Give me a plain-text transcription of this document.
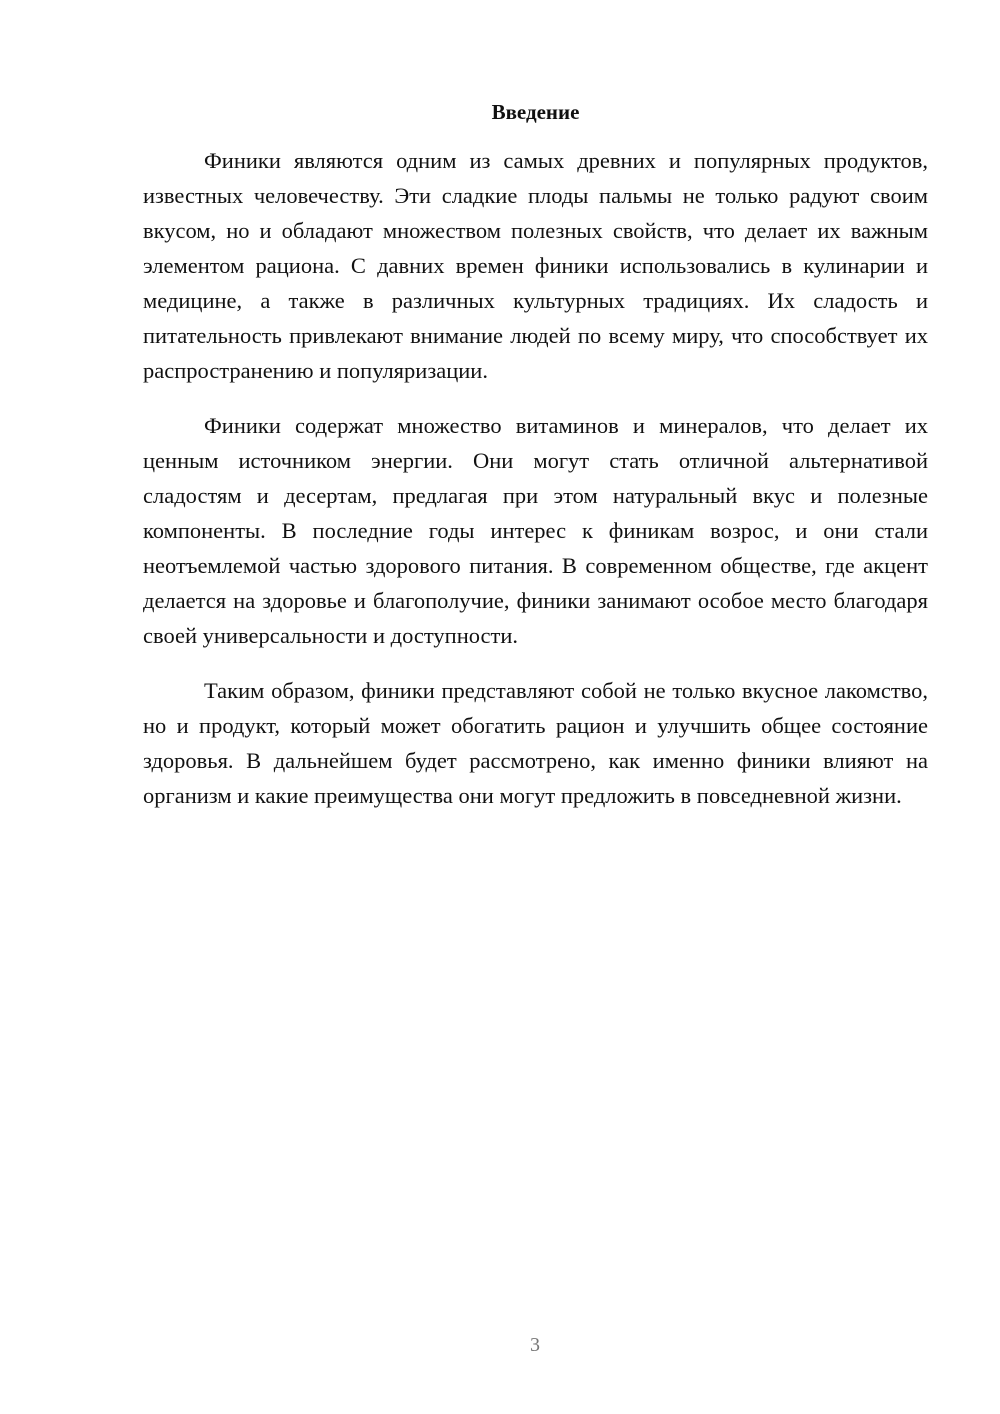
Введение

Финики являются одним из самых древних и популярных продуктов, известных человечеству. Эти сладкие плоды пальмы не только радуют своим вкусом, но и обладают множеством полезных свойств, что делает их важным элементом рациона. С давних времен финики использовались в кулинарии и медицине, а также в различных культурных традициях. Их сладость и питательность привлекают внимание людей по всему миру, что способствует их распространению и популяризации.

Финики содержат множество витаминов и минералов, что делает их ценным источником энергии. Они могут стать отличной альтернативой сладостям и десертам, предлагая при этом натуральный вкус и полезные компоненты. В последние годы интерес к финикам возрос, и они стали неотъемлемой частью здорового питания. В современном обществе, где акцент делается на здоровье и благополучие, финики занимают особое место благодаря своей универсальности и доступности.

Таким образом, финики представляют собой не только вкусное лакомство, но и продукт, который может обогатить рацион и улучшить общее состояние здоровья. В дальнейшем будет рассмотрено, как именно финики влияют на организм и какие преимущества они могут предложить в повседневной жизни.

3
